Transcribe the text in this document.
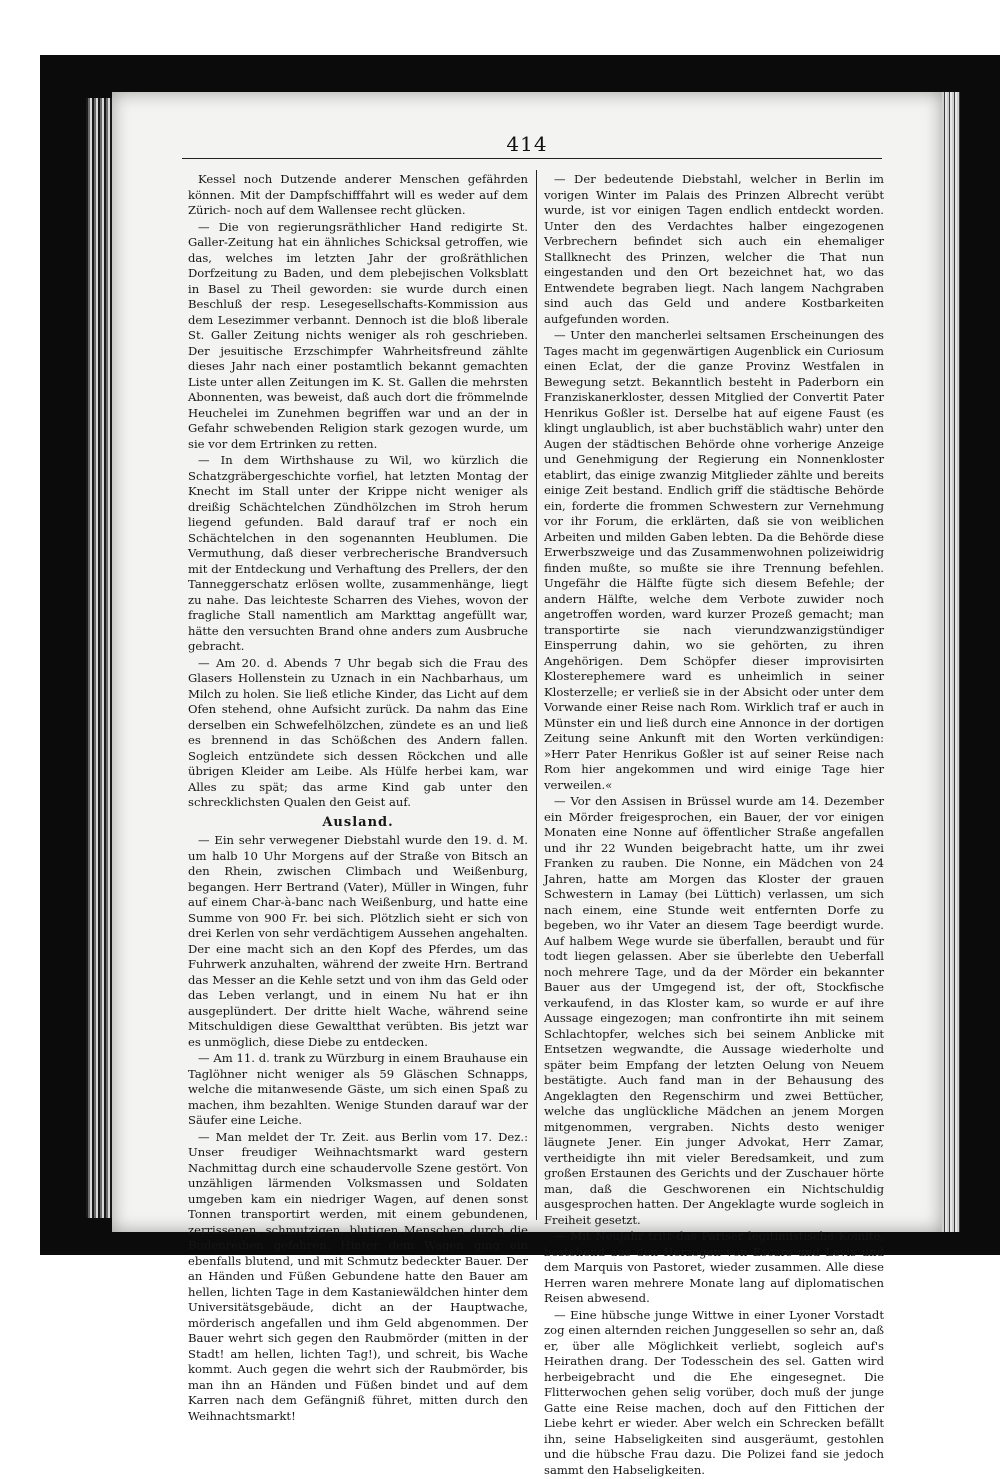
414

Kessel noch Dutzende anderer Menschen gefährden können. Mit der Dampfschifffahrt will es weder auf dem Zürich- noch auf dem Wallensee recht glücken.

— Die von regierungsräthlicher Hand redigirte St. Galler-Zeitung hat ein ähnliches Schicksal getroffen, wie das, welches im letzten Jahr der großräthlichen Dorfzeitung zu Baden, und dem plebejischen Volksblatt in Basel zu Theil geworden: sie wurde durch einen Beschluß der resp. Lesegesellschafts-Kommission aus dem Lesezimmer verbannt. Dennoch ist die bloß liberale St. Galler Zeitung nichts weniger als roh geschrieben. Der jesuitische Erzschimpfer Wahrheitsfreund zählte dieses Jahr nach einer postamtlich bekannt gemachten Liste unter allen Zeitungen im K. St. Gallen die mehrsten Abonnenten, was beweist, daß auch dort die frömmelnde Heuchelei im Zunehmen begriffen war und an der in Gefahr schwebenden Religion stark gezogen wurde, um sie vor dem Ertrinken zu retten.

— In dem Wirthshause zu Wil, wo kürzlich die Schatzgräbergeschichte vorfiel, hat letzten Montag der Knecht im Stall unter der Krippe nicht weniger als dreißig Schächtelchen Zündhölzchen im Stroh herum liegend gefunden. Bald darauf traf er noch ein Schächtelchen in den sogenannten Heublumen. Die Vermuthung, daß dieser verbrecherische Brandversuch mit der Entdeckung und Verhaftung des Prellers, der den Tanneggerschatz erlösen wollte, zusammenhänge, liegt zu nahe. Das leichteste Scharren des Viehes, wovon der fragliche Stall namentlich am Markttag angefüllt war, hätte den versuchten Brand ohne anders zum Ausbruche gebracht.

— Am 20. d. Abends 7 Uhr begab sich die Frau des Glasers Hollenstein zu Uznach in ein Nachbarhaus, um Milch zu holen. Sie ließ etliche Kinder, das Licht auf dem Ofen stehend, ohne Aufsicht zurück. Da nahm das Eine derselben ein Schwefelhölzchen, zündete es an und ließ es brennend in das Schößchen des Andern fallen. Sogleich entzündete sich dessen Röckchen und alle übrigen Kleider am Leibe. Als Hülfe herbei kam, war Alles zu spät; das arme Kind gab unter den schrecklichsten Qualen den Geist auf.

Ausland.

— Ein sehr verwegener Diebstahl wurde den 19. d. M. um halb 10 Uhr Morgens auf der Straße von Bitsch an den Rhein, zwischen Climbach und Weißenburg, begangen. Herr Bertrand (Vater), Müller in Wingen, fuhr auf einem Char-à-banc nach Weißenburg, und hatte eine Summe von 900 Fr. bei sich. Plötzlich sieht er sich von drei Kerlen von sehr verdächtigem Aussehen angehalten. Der eine macht sich an den Kopf des Pferdes, um das Fuhrwerk anzuhalten, während der zweite Hrn. Bertrand das Messer an die Kehle setzt und von ihm das Geld oder das Leben verlangt, und in einem Nu hat er ihn ausgeplündert. Der dritte hielt Wache, während seine Mitschuldigen diese Gewaltthat verübten. Bis jetzt war es unmöglich, diese Diebe zu entdecken.

— Am 11. d. trank zu Würzburg in einem Brauhause ein Taglöhner nicht weniger als 59 Gläschen Schnapps, welche die mitanwesende Gäste, um sich einen Spaß zu machen, ihm bezahlten. Wenige Stunden darauf war der Säufer eine Leiche.

— Man meldet der Tr. Zeit. aus Berlin vom 17. Dez.: Unser freudiger Weihnachtsmarkt ward gestern Nachmittag durch eine schaudervolle Szene gestört. Von unzähligen lärmenden Volksmassen und Soldaten umgeben kam ein niedriger Wagen, auf denen sonst Tonnen transportirt werden, mit einem gebundenen, zerrissenen, schmutzigen, blutigen Menschen durch die Budenreihen gefahren. Hinter dem Wagen ging ein ebenfalls blutend, und mit Schmutz bedeckter Bauer. Der an Händen und Füßen Gebundene hatte den Bauer am hellen, lichten Tage in dem Kastaniewäldchen hinter dem Universitätsgebäude, dicht an der Hauptwache, mörderisch angefallen und ihm Geld abgenommen. Der Bauer wehrt sich gegen den Raubmörder (mitten in der Stadt! am hellen, lichten Tag!), und schreit, bis Wache kommt. Auch gegen die wehrt sich der Raubmörder, bis man ihn an Händen und Füßen bindet und auf dem Karren nach dem Gefängniß führet, mitten durch den Weihnachtsmarkt!

— Der bedeutende Diebstahl, welcher in Berlin im vorigen Winter im Palais des Prinzen Albrecht verübt wurde, ist vor einigen Tagen endlich entdeckt worden. Unter den des Verdachtes halber eingezogenen Verbrechern befindet sich auch ein ehemaliger Stallknecht des Prinzen, welcher die That nun eingestanden und den Ort bezeichnet hat, wo das Entwendete begraben liegt. Nach langem Nachgraben sind auch das Geld und andere Kostbarkeiten aufgefunden worden.

— Unter den mancherlei seltsamen Erscheinungen des Tages macht im gegenwärtigen Augenblick ein Curiosum einen Eclat, der die ganze Provinz Westfalen in Bewegung setzt. Bekanntlich besteht in Paderborn ein Franziskanerkloster, dessen Mitglied der Convertit Pater Henrikus Goßler ist. Derselbe hat auf eigene Faust (es klingt unglaublich, ist aber buchstäblich wahr) unter den Augen der städtischen Behörde ohne vorherige Anzeige und Genehmigung der Regierung ein Nonnenkloster etablirt, das einige zwanzig Mitglieder zählte und bereits einige Zeit bestand. Endlich griff die städtische Behörde ein, forderte die frommen Schwestern zur Vernehmung vor ihr Forum, die erklärten, daß sie von weiblichen Arbeiten und milden Gaben lebten. Da die Behörde diese Erwerbszweige und das Zusammenwohnen polizeiwidrig finden mußte, so mußte sie ihre Trennung befehlen. Ungefähr die Hälfte fügte sich diesem Befehle; der andern Hälfte, welche dem Verbote zuwider noch angetroffen worden, ward kurzer Prozeß gemacht; man transportirte sie nach vierundzwanzigstündiger Einsperrung dahin, wo sie gehörten, zu ihren Angehörigen. Dem Schöpfer dieser improvisirten Klosterephemere ward es unheimlich in seiner Klosterzelle; er verließ sie in der Absicht oder unter dem Vorwande einer Reise nach Rom. Wirklich traf er auch in Münster ein und ließ durch eine Annonce in der dortigen Zeitung seine Ankunft mit den Worten verkündigen: »Herr Pater Henrikus Goßler ist auf seiner Reise nach Rom hier angekommen und wird einige Tage hier verweilen.«

— Vor den Assisen in Brüssel wurde am 14. Dezember ein Mörder freigesprochen, ein Bauer, der vor einigen Monaten eine Nonne auf öffentlicher Straße angefallen und ihr 22 Wunden beigebracht hatte, um ihr zwei Franken zu rauben. Die Nonne, ein Mädchen von 24 Jahren, hatte am Morgen das Kloster der grauen Schwestern in Lamay (bei Lüttich) verlassen, um sich nach einem, eine Stunde weit entfernten Dorfe zu begeben, wo ihr Vater an diesem Tage beerdigt wurde. Auf halbem Wege wurde sie überfallen, beraubt und für todt liegen gelassen. Aber sie überlebte den Ueberfall noch mehrere Tage, und da der Mörder ein bekannter Bauer aus der Umgegend ist, der oft, Stockfische verkaufend, in das Kloster kam, so wurde er auf ihre Aussage eingezogen; man confrontirte ihn mit seinem Schlachtopfer, welches sich bei seinem Anblicke mit Entsetzen wegwandte, die Aussage wiederholte und später beim Empfang der letzten Oelung von Neuem bestätigte. Auch fand man in der Behausung des Angeklagten den Regenschirm und zwei Bettücher, welche das unglückliche Mädchen an jenem Morgen mitgenommen, vergraben. Nichts desto weniger läugnete Jener. Ein junger Advokat, Herr Zamar, vertheidigte ihn mit vieler Beredsamkeit, und zum großen Erstaunen des Gerichts und der Zuschauer hörte man, daß die Geschworenen ein Nichtschuldig ausgesprochen hatten. Der Angeklagte wurde sogleich in Freiheit gesetzt.

— Mit Neujahr tritt das Pariser legitimistische Komite, bestehend aus den Herzogen von Escars und Levis und dem Marquis von Pastoret, wieder zusammen. Alle diese Herren waren mehrere Monate lang auf diplomatischen Reisen abwesend.

— Eine hübsche junge Wittwe in einer Lyoner Vorstadt zog einen alternden reichen Junggesellen so sehr an, daß er, über alle Möglichkeit verliebt, sogleich auf's Heirathen drang. Der Todesschein des sel. Gatten wird herbeigebracht und die Ehe eingesegnet. Die Flitterwochen gehen selig vorüber, doch muß der junge Gatte eine Reise machen, doch auf den Fittichen der Liebe kehrt er wieder. Aber welch ein Schrecken befällt ihn, seine Habseligkeiten sind ausgeräumt, gestohlen und die hübsche Frau dazu. Die Polizei fand sie jedoch sammt den Habseligkeiten.
